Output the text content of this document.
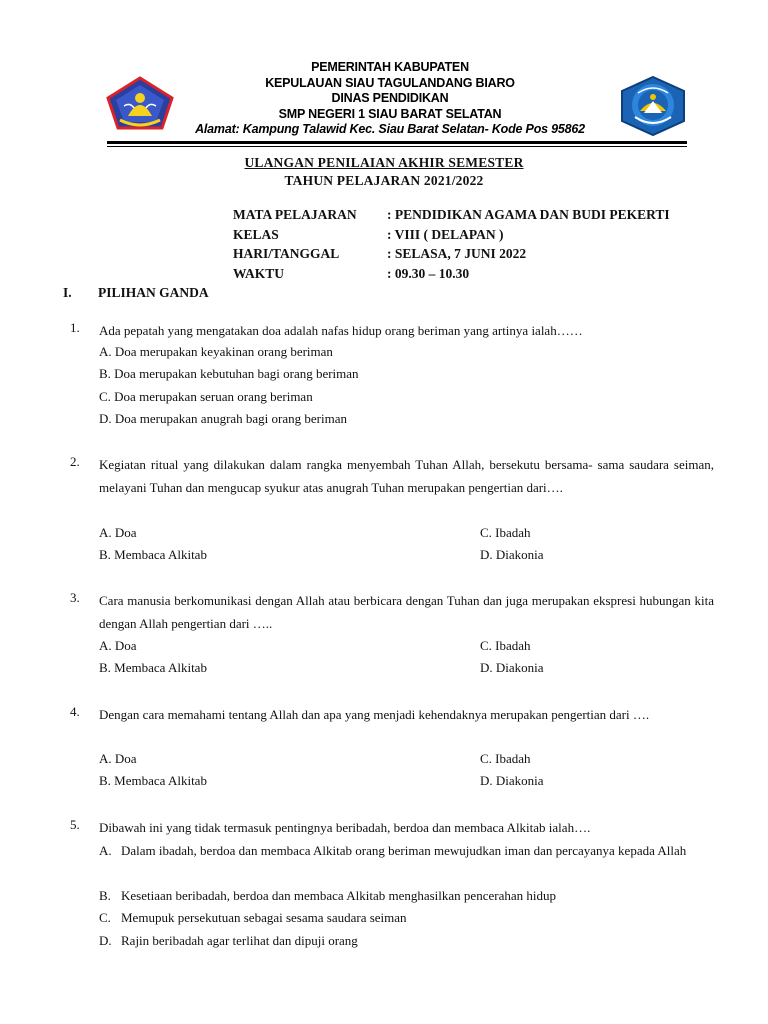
PEMERINTAH KABUPATEN
KEPULAUAN SIAU TAGULANDANG BIARO
DINAS PENDIDIKAN
SMP NEGERI 1 SIAU BARAT SELATAN
Alamat: Kampung Talawid Kec. Siau Barat Selatan- Kode Pos 95862
ULANGAN PENILAIAN AKHIR SEMESTER
TAHUN PELAJARAN 2021/2022
MATA PELAJARAN : PENDIDIKAN AGAMA DAN BUDI PEKERTI
KELAS	: VIII ( DELAPAN )
HARI/TANGGAL	: SELASA, 7 JUNI 2022
WAKTU	: 09.30 – 10.30
I. PILIHAN GANDA
1. Ada pepatah yang mengatakan doa adalah nafas hidup orang beriman yang artinya ialah……
A. Doa merupakan keyakinan orang beriman
B. Doa merupakan kebutuhan bagi orang beriman
C. Doa merupakan seruan orang beriman
D. Doa merupakan anugrah bagi orang beriman
2. Kegiatan ritual yang dilakukan dalam rangka menyembah Tuhan Allah, bersekutu bersama- sama saudara seiman, melayani Tuhan dan mengucap syukur atas anugrah Tuhan merupakan pengertian dari….
A. Doa	C. Ibadah
B. Membaca Alkitab	D. Diakonia
3. Cara manusia berkomunikasi dengan Allah atau berbicara dengan Tuhan dan juga merupakan ekspresi hubungan kita dengan Allah pengertian dari …..
A. Doa	C. Ibadah
B. Membaca Alkitab	D. Diakonia
4. Dengan cara memahami tentang Allah dan apa yang menjadi kehendaknya merupakan pengertian dari ….
A. Doa	C. Ibadah
B. Membaca Alkitab	D. Diakonia
5. Dibawah ini yang tidak termasuk pentingnya beribadah, berdoa dan membaca Alkitab ialah….
A. Dalam ibadah, berdoa dan membaca Alkitab orang beriman mewujudkan iman dan percayanya kepada Allah
B. Kesetiaan beribadah, berdoa dan membaca Alkitab menghasilkan pencerahan hidup
C. Memupuk persekutuan sebagai sesama saudara seiman
D. Rajin beribadah agar terlihat dan dipuji orang
